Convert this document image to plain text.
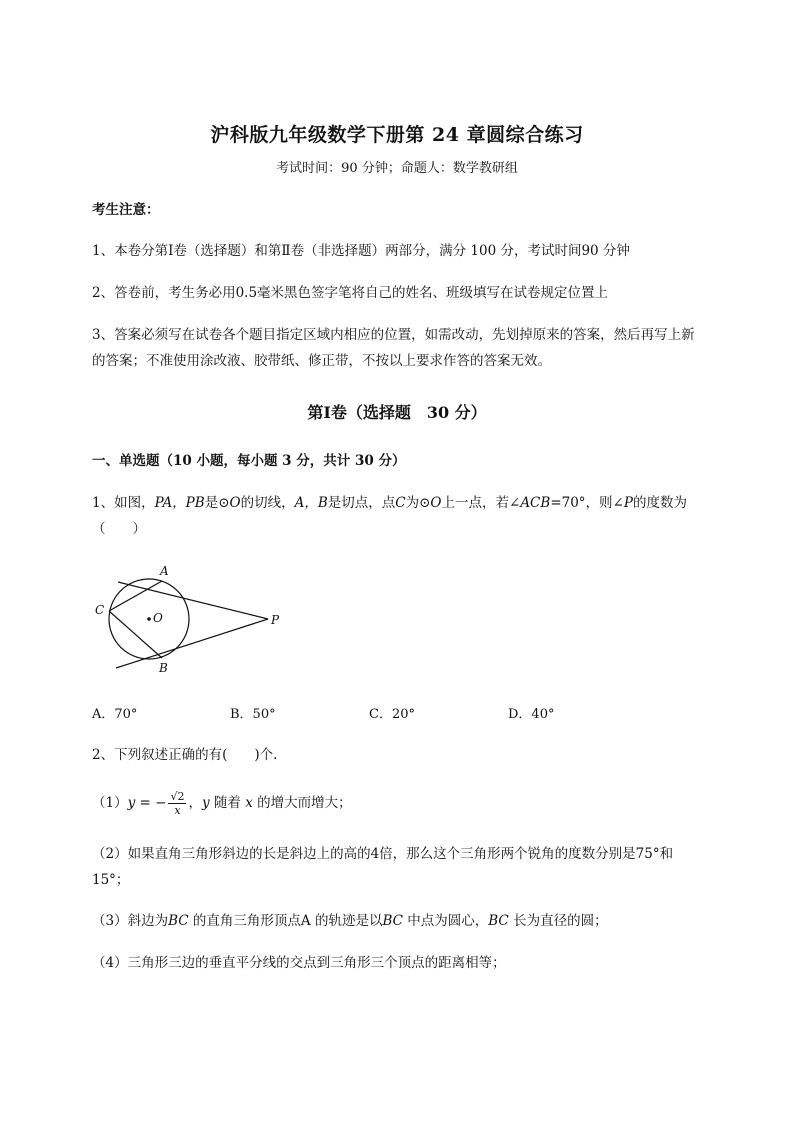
沪科版九年级数学下册第 24 章圆综合练习
考试时间：90 分钟；命题人：数学教研组
考生注意：
1、本卷分第Ⅰ卷（选择题）和第Ⅱ卷（非选择题）两部分，满分 100 分，考试时间90 分钟
2、答卷前，考生务必用0.5毫米黑色签字笔将自己的姓名、班级填写在试卷规定位置上
3、答案必须写在试卷各个题目指定区域内相应的位置，如需改动，先划掉原来的答案，然后再写上新
的答案；不准使用涂改液、胶带纸、修正带，不按以上要求作答的答案无效。
第Ⅰ卷（选择题　30 分）
一、单选题（10 小题，每小题 3 分，共计 30 分）
1、如图，PA，PB是⊙O的切线，A，B是切点，点C为⊙O上一点，若∠ACB=70°，则∠P的度数为
（　　）
A
B
C
O	P
A．70°	B．50°	C．20°	D．40°
2、下列叙述正确的有(　　)个.
（1）y = − $\frac{√2}{x}$ ，y 随着 x 的增大而增大；
（2）如果直角三角形斜边的长是斜边上的高的4倍，那么这个三角形两个锐角的度数分别是75°和
15°；
（3）斜边为BC 的直角三角形顶点A 的轨迹是以BC 中点为圆心，BC 长为直径的圆；
（4）三角形三边的垂直平分线的交点到三角形三个顶点的距离相等；
